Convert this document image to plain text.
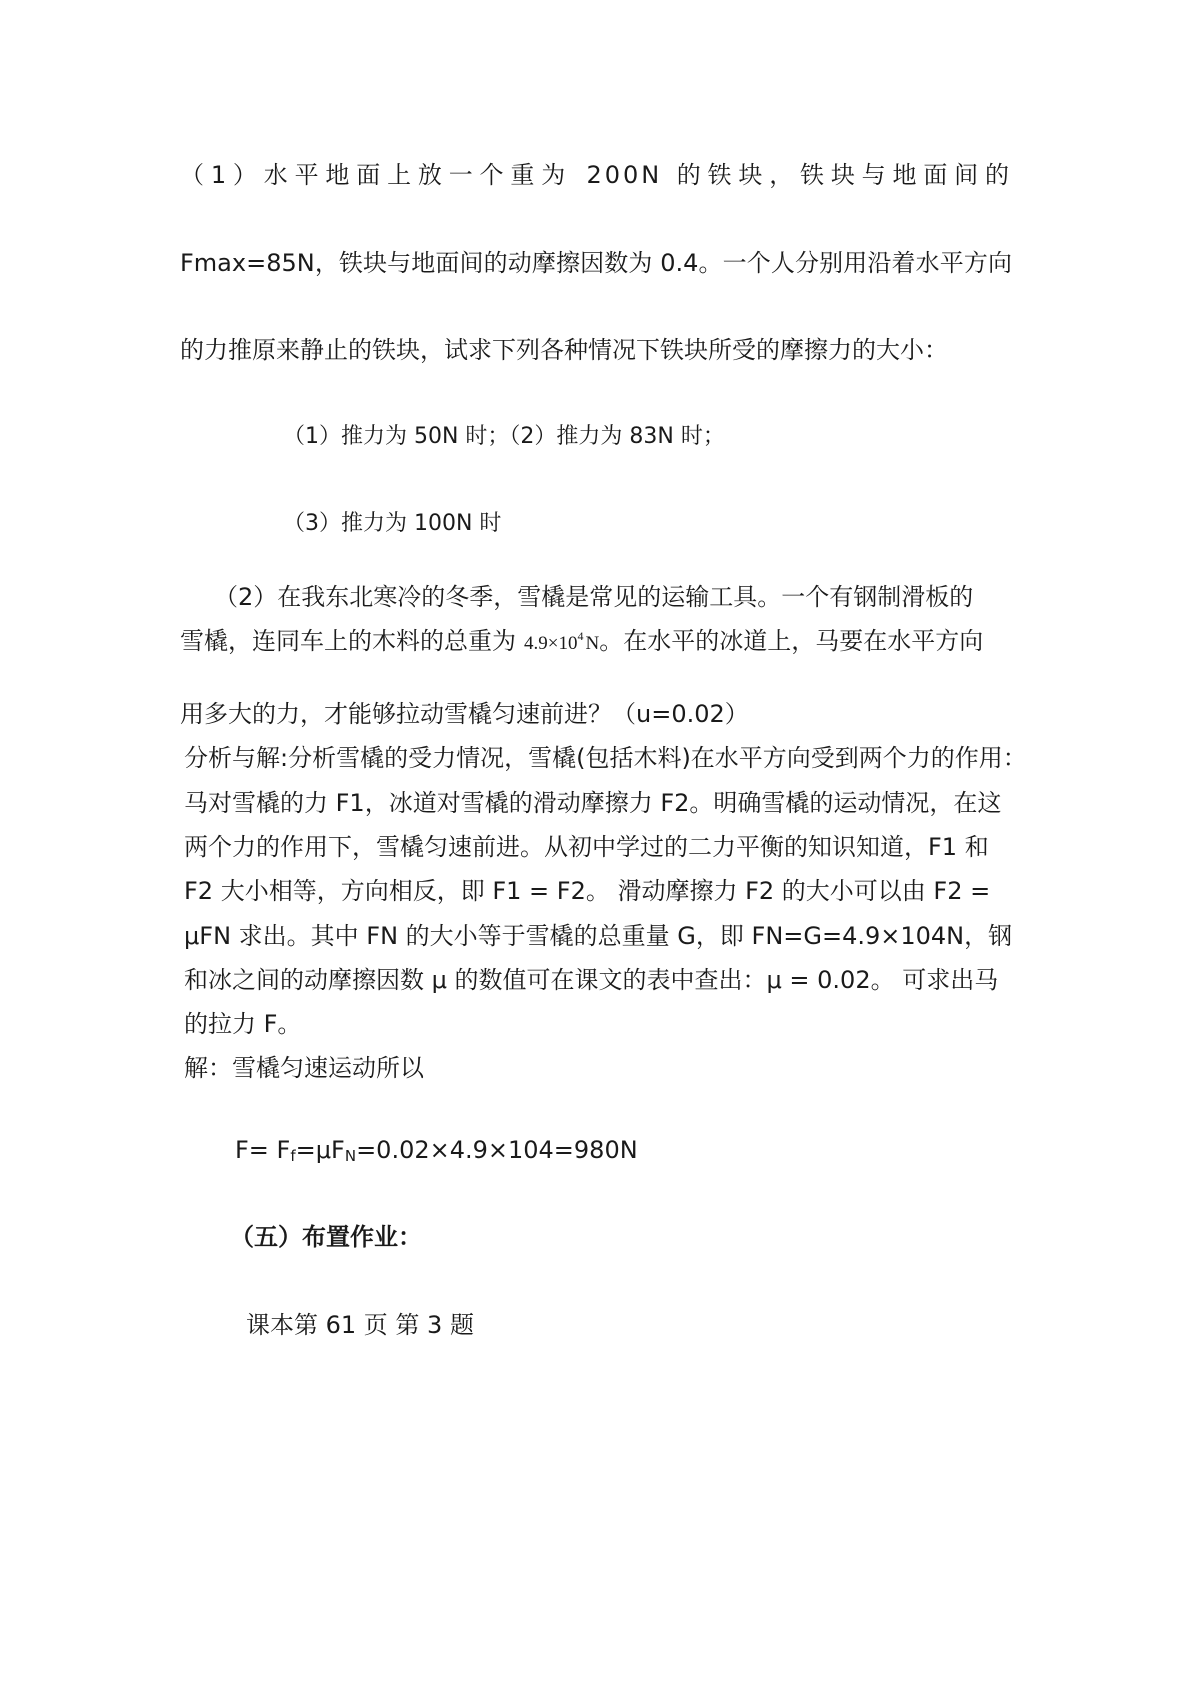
（1）水平地面上放一个重为 200N 的铁块，铁块与地面间的
Fmax=85N，铁块与地面间的动摩擦因数为 0.4。一个人分别用沿着水平方向
的力推原来静止的铁块，试求下列各种情况下铁块所受的摩擦力的大小：
（1）推力为 50N 时；（2）推力为 83N 时；
（3）推力为 100N 时
（2）在我东北寒冷的冬季，雪橇是常见的运输工具。一个有钢制滑板的
雪橇，连同车上的木料的总重为 $4.9\times 10^4$ N。在水平的冰道上，马要在水平方向
用多大的力，才能够拉动雪橇匀速前进？（u=0.02）
分析与解:分析雪橇的受力情况，雪橇(包括木料)在水平方向受到两个力的作用：
马对雪橇的力 F1，冰道对雪橇的滑动摩擦力 F2。明确雪橇的运动情况，在这
两个力的作用下，雪橇匀速前进。从初中学过的二力平衡的知识知道，F1 和
F2 大小相等，方向相反，即 F1 = F2。 滑动摩擦力 F2 的大小可以由 F2 =
μFN 求出。其中 FN 的大小等于雪橇的总重量 G，即 FN=G=4.9×104N，钢
和冰之间的动摩擦因数 μ 的数值可在课文的表中查出：μ = 0.02。 可求出马
的拉力 F。
解：雪橇匀速运动所以
F= Ff=μFN=0.02×4.9×104=980N
（五）布置作业：
课本第 61 页 第 3 题
